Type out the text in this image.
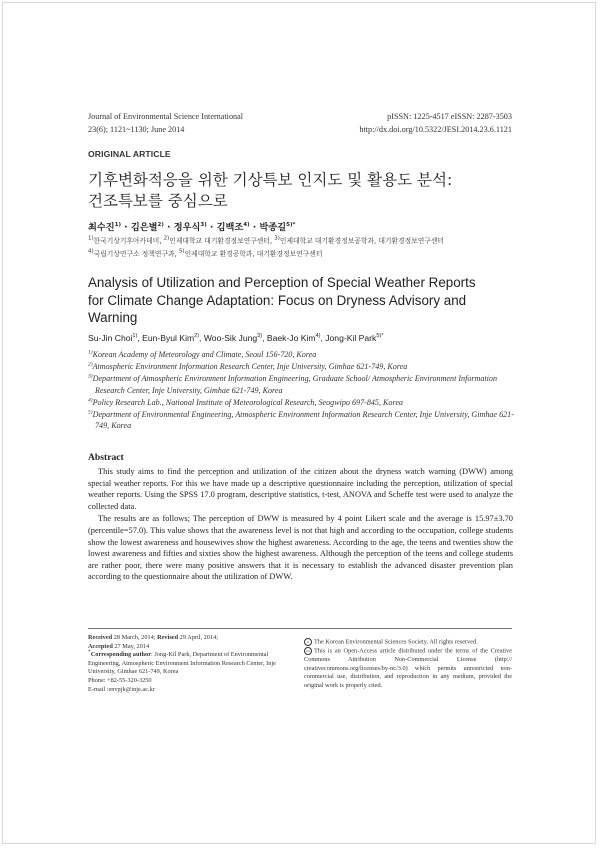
Journal of Environmental Science International
23(6); 1121~1130; June 2014
pISSN: 1225-4517 eISSN: 2287-3503
http://dx.doi.org/10.5322/JESI.2014.23.6.1121
ORIGINAL ARTICLE
기후변화적응을 위한 기상특보 인지도 및 활용도 분석:
건조특보를 중심으로
최수진$^{1)}$ · 김은별$^{2)}$ · 정우식$^{3)}$ · 김백조$^{4)}$ · 박종길$^{5)*}$
$^{1)}$한국기상기후아카데미, $^{2)}$인제대학교 대기환경정보연구센터, $^{3)}$인제대학교 대기환경정보공학과, 대기환경정보연구센터
$^{4)}$국립기상연구소 정책연구과, $^{5)}$인제대학교 환경공학과, 대기환경정보연구센터
Analysis of Utilization and Perception of Special Weather Reports
for Climate Change Adaptation: Focus on Dryness Advisory and
Warning
Su-Jin Choi$^{1)}$, Eun-Byul Kim$^{2)}$, Woo-Sik Jung$^{3)}$, Baek-Jo Kim$^{4)}$, Jong-Kil Park$^{5)*}$

$^{1)}$Korean Academy of Meteorology and Climate, Seoul 156-720, Korea

$^{2)}$Atmospheric Environment Information Research Center, Inje University, Gimhae 621-749, Korea

$^{3)}$Department of Atmospheric Environment Information Engineering, Graduate School/ Atmospheric Environment Information Research Center, Inje University, Gimhae 621-749, Korea

$^{4)}$Policy Research Lab., National Institute of Meteorological Research, Seogwipo 697-845, Korea

$^{5)}$Department of Environmental Engineering, Atmospheric Environment Information Research Center, Inje University, Gimhae 621-749, Korea

Abstract

This study aims to find the perception and utilization of the citizen about the dryness watch warning (DWW) among special weather reports. For this we have made up a descriptive questionnaire including the perception, utilization of special weather reports. Using the SPSS 17.0 program, descriptive statistics, t-test, ANOVA and Scheffe test were used to analyze the collected data.

The results are as follows; The perception of DWW is measured by 4 point Likert scale and the average is 15.97±3.70 (percentile=57.0). This value shows that the awareness level is not that high and according to the occupation, college students show the lowest awareness and housewives show the highest awareness. According to the age, the teens and twenties show the lowest awareness and fifties and sixties show the highest awareness. Although the perception of the teens and college students are rather poor, there were many positive answers that it is necessary to establish the advanced disaster prevention plan according to the questionnaire about the utilization of DWW.

Received 28 March, 2014; Revised 29 April, 2014;
Accepted 27 May, 2014
*Corresponding author: Jong-Kil Park, Department of Environmental Engineering, Atmospheric Environment Information Research Center, Inje University, Gimhae 621-749, Korea
Phone: +82-55-320-3250
E-mail :envpjk@inje.ac.kr

c The Korean Environmental Sciences Society. All rights reserved.

cc This is an Open-Access article distributed under the terms of the Creative Commons Attribution Non-Commercial License (http:// creativecommons.org/licenses/by-nc/3.0) which permits unrestricted non-commercial use, distribution, and reproduction in any medium, provided the original work is properly cited.
